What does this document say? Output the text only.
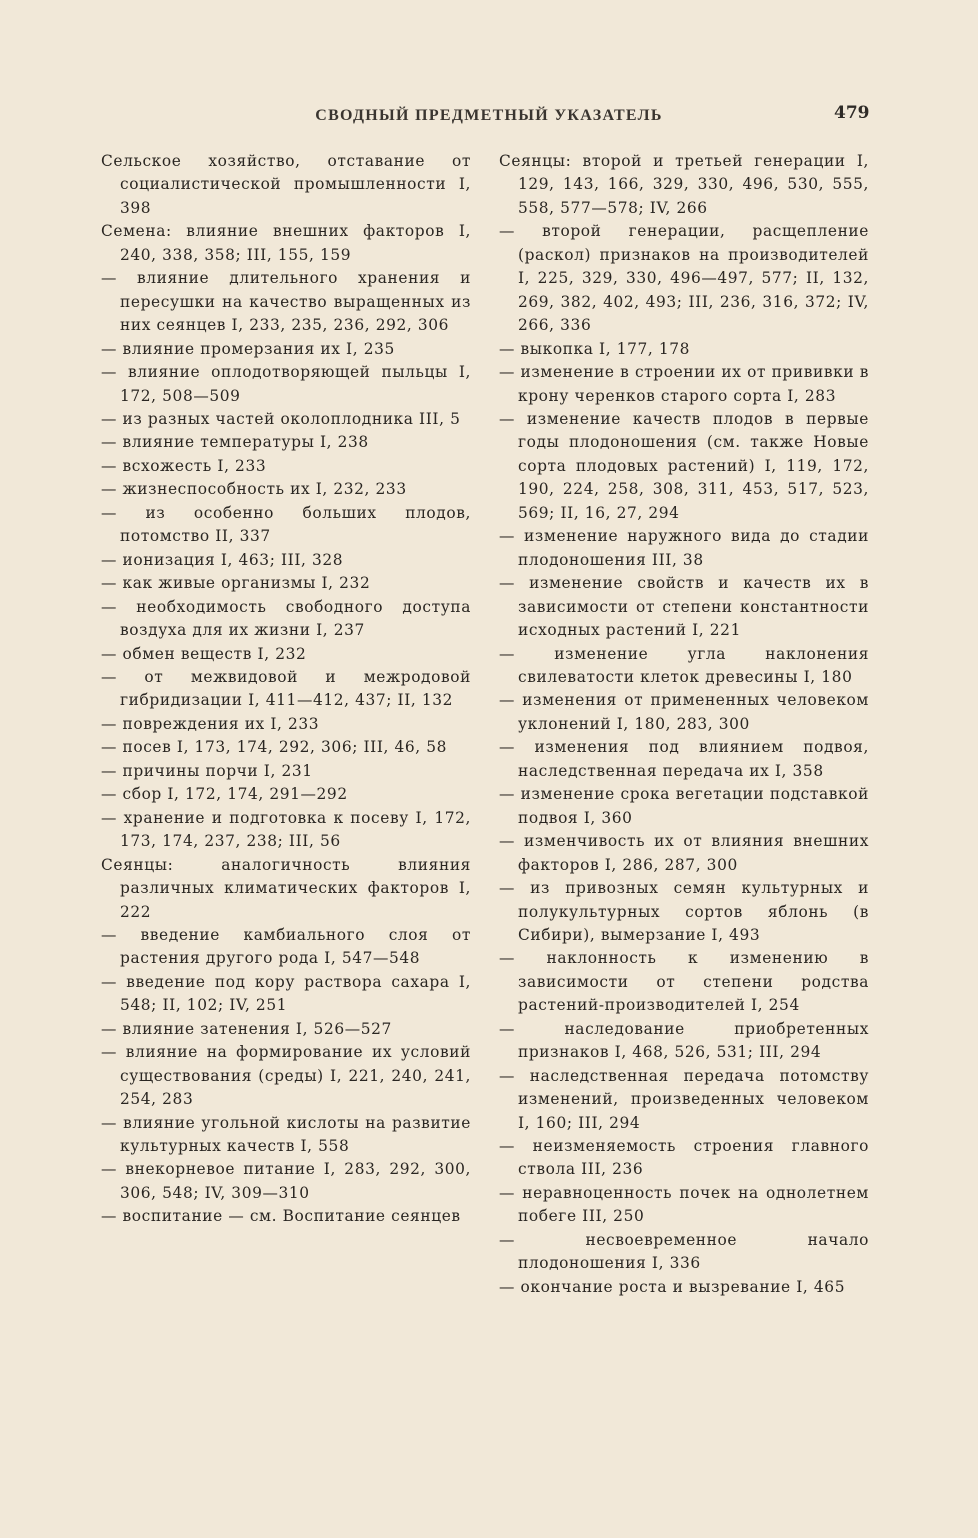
СВОДНЫЙ ПРЕДМЕТНЫЙ УКАЗАТЕЛЬ	479

Сельское хозяйство, отставание от социалистической промышленности I, 398

Семена: влияние внешних факторов I, 240, 338, 358; III, 155, 159

— влияние длительного хранения и пересушки на качество выращенных из них сеянцев I, 233, 235, 236, 292, 306

— влияние промерзания их I, 235

— влияние оплодотворяющей пыльцы I, 172, 508—509

— из разных частей околоплодника III, 5

— влияние температуры I, 238

— всхожесть I, 233

— жизнеспособность их I, 232, 233

— из особенно больших плодов, потомство II, 337

— ионизация I, 463; III, 328

— как живые организмы I, 232

— необходимость свободного доступа воздуха для их жизни I, 237

— обмен веществ I, 232

— от межвидовой и межродовой гибридизации I, 411—412, 437; II, 132

— повреждения их I, 233

— посев I, 173, 174, 292, 306; III, 46, 58

— причины порчи I, 231

— сбор I, 172, 174, 291—292

— хранение и подготовка к посеву I, 172, 173, 174, 237, 238; III, 56

Сеянцы: аналогичность влияния различных климатических факторов I, 222

— введение камбиального слоя от растения другого рода I, 547—548

— введение под кору раствора сахара I, 548; II, 102; IV, 251

— влияние затенения I, 526—527

— влияние на формирование их условий существования (среды) I, 221, 240, 241, 254, 283

— влияние угольной кислоты на развитие культурных качеств I, 558

— внекорневое питание I, 283, 292, 300, 306, 548; IV, 309—310

— воспитание — см. Воспитание сеянцев

Сеянцы: второй и третьей генерации I, 129, 143, 166, 329, 330, 496, 530, 555, 558, 577—578; IV, 266

— второй генерации, расщепление (раскол) признаков на производителей I, 225, 329, 330, 496—497, 577; II, 132, 269, 382, 402, 493; III, 236, 316, 372; IV, 266, 336

— выкопка I, 177, 178

— изменение в строении их от прививки в крону черенков старого сорта I, 283

— изменение качеств плодов в первые годы плодоношения (см. также Новые сорта плодовых растений) I, 119, 172, 190, 224, 258, 308, 311, 453, 517, 523, 569; II, 16, 27, 294

— изменение наружного вида до стадии плодоношения III, 38

— изменение свойств и качеств их в зависимости от степени константности исходных растений I, 221

— изменение угла наклонения свилеватости клеток древесины I, 180

— изменения от примененных человеком уклонений I, 180, 283, 300

— изменения под влиянием подвоя, наследственная передача их I, 358

— изменение срока вегетации подставкой подвоя I, 360

— изменчивость их от влияния внешних факторов I, 286, 287, 300

— из привозных семян культурных и полукультурных сортов яблонь (в Сибири), вымерзание I, 493

— наклонность к изменению в зависимости от степени родства растений-производителей I, 254

— наследование приобретенных признаков I, 468, 526, 531; III, 294

— наследственная передача потомству изменений, произведенных человеком I, 160; III, 294

— неизменяемость строения главного ствола III, 236

— неравноценность почек на однолетнем побеге III, 250

— несвоевременное начало плодоношения I, 336

— окончание роста и вызревание I, 465
